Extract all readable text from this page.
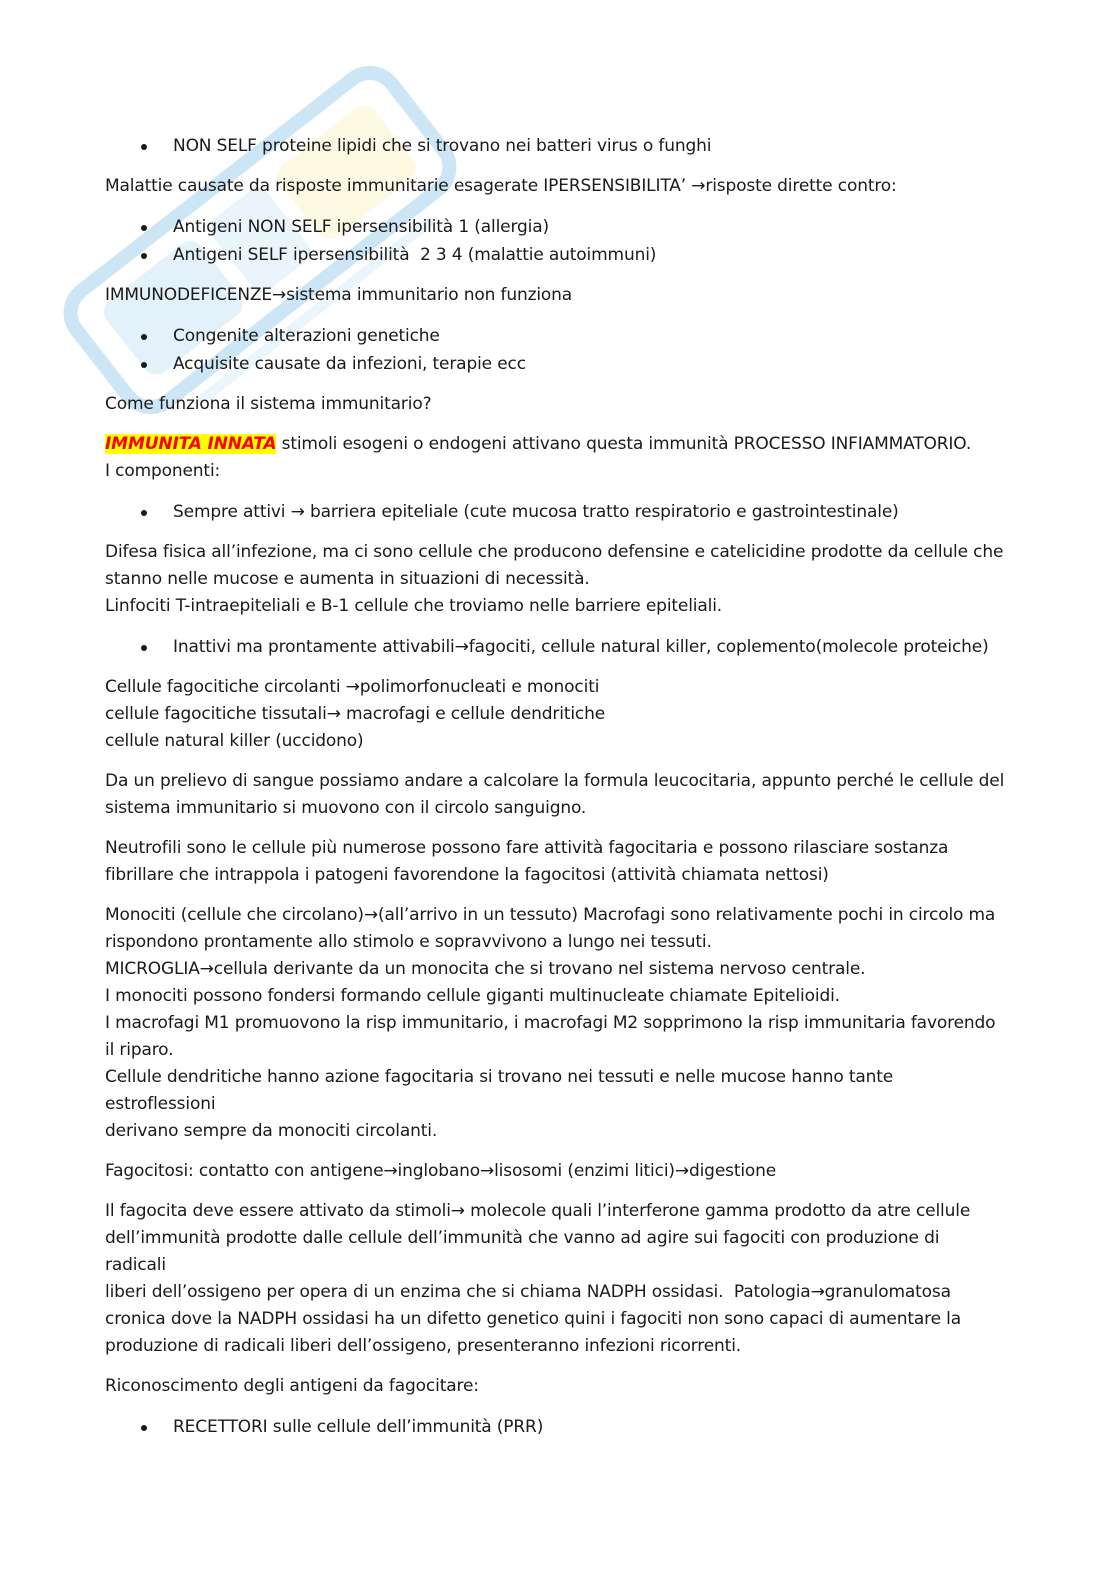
NON SELF proteine lipidi che si trovano nei batteri virus o funghi
Malattie causate da risposte immunitarie esagerate IPERSENSIBILITA’ →risposte dirette contro:
Antigeni NON SELF ipersensibilità 1 (allergia)
Antigeni SELF ipersensibilità  2 3 4 (malattie autoimmuni)
IMMUNODEFICENZE→sistema immunitario non funziona
Congenite alterazioni genetiche
Acquisite causate da infezioni, terapie ecc
Come funziona il sistema immunitario?
IMMUNITA INNATA stimoli esogeni o endogeni attivano questa immunità PROCESSO INFIAMMATORIO.
I componenti:
Sempre attivi → barriera epiteliale (cute mucosa tratto respiratorio e gastrointestinale)
Difesa fisica all’infezione, ma ci sono cellule che producono defensine e catelicidine prodotte da cellule che
stanno nelle mucose e aumenta in situazioni di necessità.
Linfociti T-intraepiteliali e B-1 cellule che troviamo nelle barriere epiteliali.
Inattivi ma prontamente attivabili→fagociti, cellule natural killer, coplemento(molecole proteiche)
Cellule fagocitiche circolanti →polimorfonucleati e monociti
cellule fagocitiche tissutali→ macrofagi e cellule dendritiche
cellule natural killer (uccidono)
Da un prelievo di sangue possiamo andare a calcolare la formula leucocitaria, appunto perché le cellule del
sistema immunitario si muovono con il circolo sanguigno.
Neutrofili sono le cellule più numerose possono fare attività fagocitaria e possono rilasciare sostanza
fibrillare che intrappola i patogeni favorendone la fagocitosi (attività chiamata nettosi)
Monociti (cellule che circolano)→(all’arrivo in un tessuto) Macrofagi sono relativamente pochi in circolo ma
rispondono prontamente allo stimolo e sopravvivono a lungo nei tessuti.
MICROGLIA→cellula derivante da un monocita che si trovano nel sistema nervoso centrale.
I monociti possono fondersi formando cellule giganti multinucleate chiamate Epitelioidi.
I macrofagi M1 promuovono la risp immunitario, i macrofagi M2 sopprimono la risp immunitaria favorendo
il riparo.
Cellule dendritiche hanno azione fagocitaria si trovano nei tessuti e nelle mucose hanno tante estroflessioni
derivano sempre da monociti circolanti.
Fagocitosi: contatto con antigene→inglobano→lisosomi (enzimi litici)→digestione
Il fagocita deve essere attivato da stimoli→ molecole quali l’interferone gamma prodotto da atre cellule
dell’immunità prodotte dalle cellule dell’immunità che vanno ad agire sui fagociti con produzione di radicali
liberi dell’ossigeno per opera di un enzima che si chiama NADPH ossidasi.  Patologia→granulomatosa
cronica dove la NADPH ossidasi ha un difetto genetico quini i fagociti non sono capaci di aumentare la
produzione di radicali liberi dell’ossigeno, presenteranno infezioni ricorrenti.
Riconoscimento degli antigeni da fagocitare:
RECETTORI sulle cellule dell’immunità (PRR)
